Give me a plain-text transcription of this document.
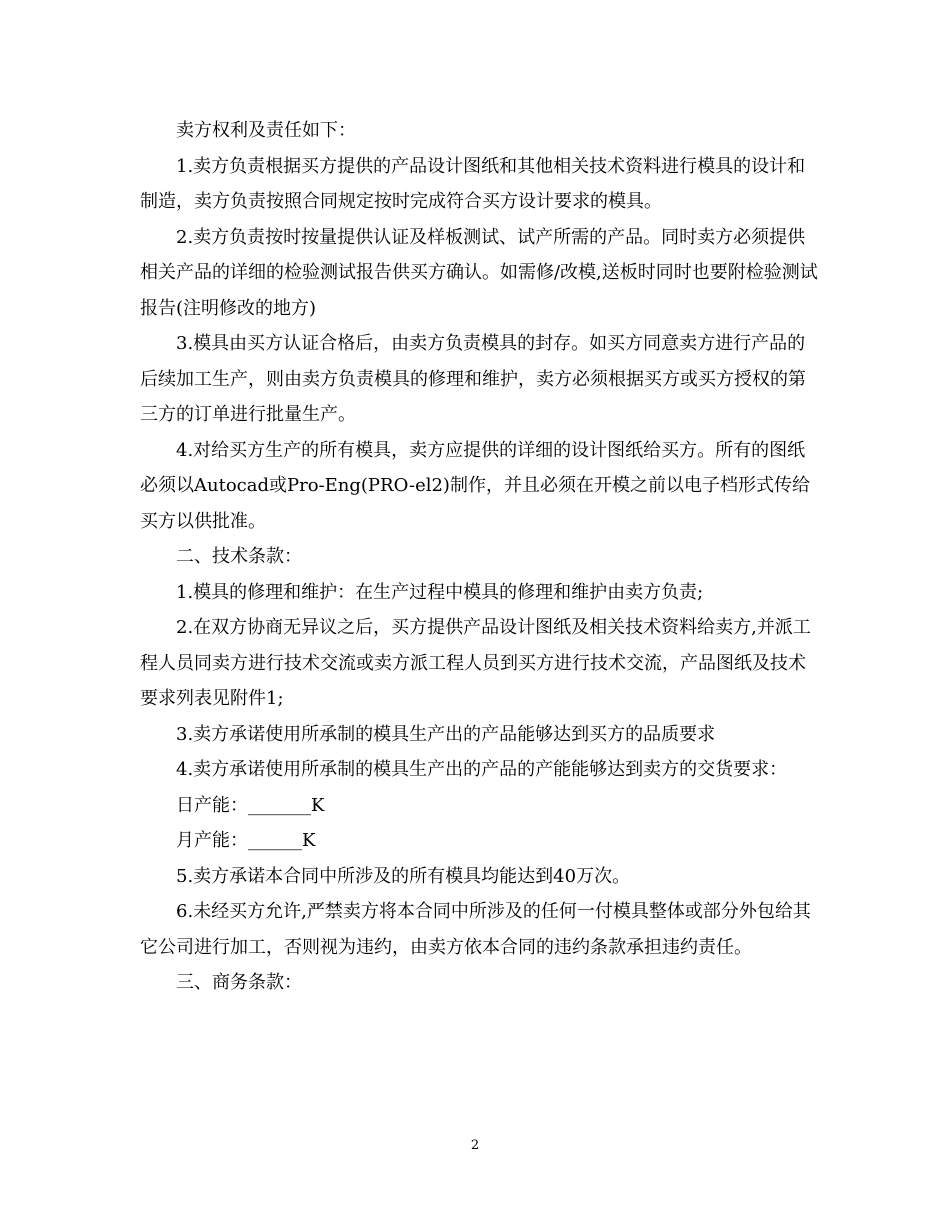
卖方权利及责任如下：

1.卖方负责根据买方提供的产品设计图纸和其他相关技术资料进行模具的设计和制造，卖方负责按照合同规定按时完成符合买方设计要求的模具。

2.卖方负责按时按量提供认证及样板测试、试产所需的产品。同时卖方必须提供相关产品的详细的检验测试报告供买方确认。如需修/改模,送板时同时也要附检验测试报告(注明修改的地方)

3.模具由买方认证合格后，由卖方负责模具的封存。如买方同意卖方进行产品的后续加工生产，则由卖方负责模具的修理和维护，卖方必须根据买方或买方授权的第三方的订单进行批量生产。

4.对给买方生产的所有模具，卖方应提供的详细的设计图纸给买方。所有的图纸必须以Autocad或Pro-Eng(PRO-el2)制作，并且必须在开模之前以电子档形式传给买方以供批准。

二、技术条款：

1.模具的修理和维护：在生产过程中模具的修理和维护由卖方负责;

2.在双方协商无异议之后，买方提供产品设计图纸及相关技术资料给卖方,并派工程人员同卖方进行技术交流或卖方派工程人员到买方进行技术交流，产品图纸及技术要求列表见附件1;

3.卖方承诺使用所承制的模具生产出的产品能够达到买方的品质要求

4.卖方承诺使用所承制的模具生产出的产品的产能能够达到卖方的交货要求：

日产能：_______K

月产能：______K

5.卖方承诺本合同中所涉及的所有模具均能达到40万次。

6.未经买方允许,严禁卖方将本合同中所涉及的任何一付模具整体或部分外包给其它公司进行加工，否则视为违约，由卖方依本合同的违约条款承担违约责任。

三、商务条款：

2
